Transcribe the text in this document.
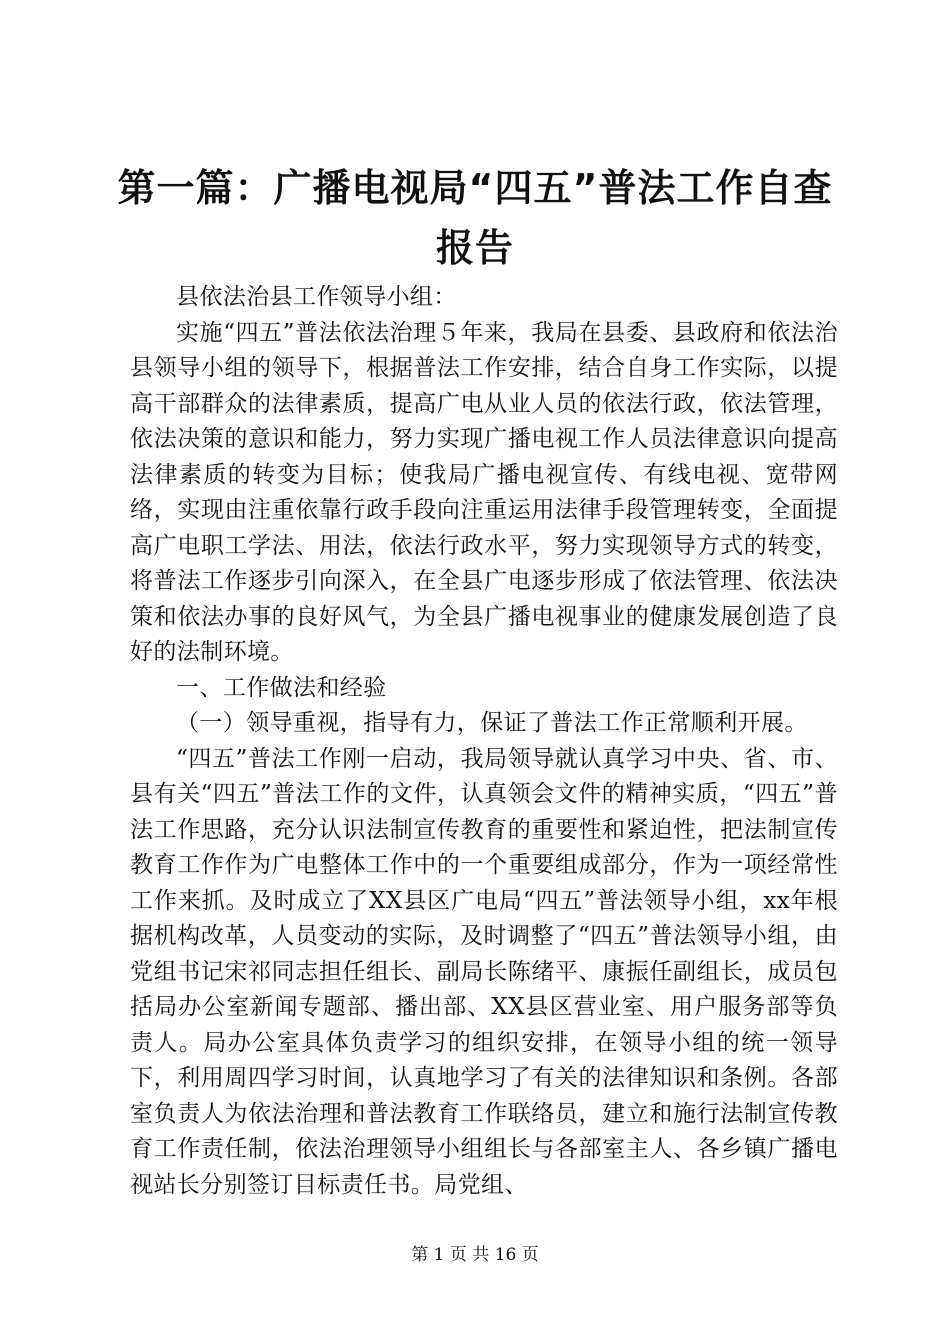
第一篇：广播电视局“四五”普法工作自查报告

县依法治县工作领导小组：

实施“四五”普法依法治理５年来，我局在县委、县政府和依法治县领导小组的领导下，根据普法工作安排，结合自身工作实际，以提高干部群众的法律素质，提高广电从业人员的依法行政，依法管理，依法决策的意识和能力，努力实现广播电视工作人员法律意识向提高法律素质的转变为目标；使我局广播电视宣传、有线电视、宽带网络，实现由注重依靠行政手段向注重运用法律手段管理转变，全面提高广电职工学法、用法，依法行政水平，努力实现领导方式的转变，将普法工作逐步引向深入，在全县广电逐步形成了依法管理、依法决策和依法办事的良好风气，为全县广播电视事业的健康发展创造了良好的法制环境。

一、工作做法和经验

（一）领导重视，指导有力，保证了普法工作正常顺利开展。

“四五”普法工作刚一启动，我局领导就认真学习中央、省、市、县有关“四五”普法工作的文件，认真领会文件的精神实质，“四五”普法工作思路，充分认识法制宣传教育的重要性和紧迫性，把法制宣传教育工作作为广电整体工作中的一个重要组成部分，作为一项经常性工作来抓。及时成立了XX县区广电局“四五”普法领导小组，xx年根据机构改革，人员变动的实际，及时调整了“四五”普法领导小组，由党组书记宋祁同志担任组长、副局长陈绪平、康振任副组长，成员包括局办公室新闻专题部、播出部、XX县区营业室、用户服务部等负责人。局办公室具体负责学习的组织安排，在领导小组的统一领导下，利用周四学习时间，认真地学习了有关的法律知识和条例。各部室负责人为依法治理和普法教育工作联络员，建立和施行法制宣传教育工作责任制，依法治理领导小组组长与各部室主人、各乡镇广播电视站长分别签订目标责任书。局党组、

第 1 页 共 16 页
